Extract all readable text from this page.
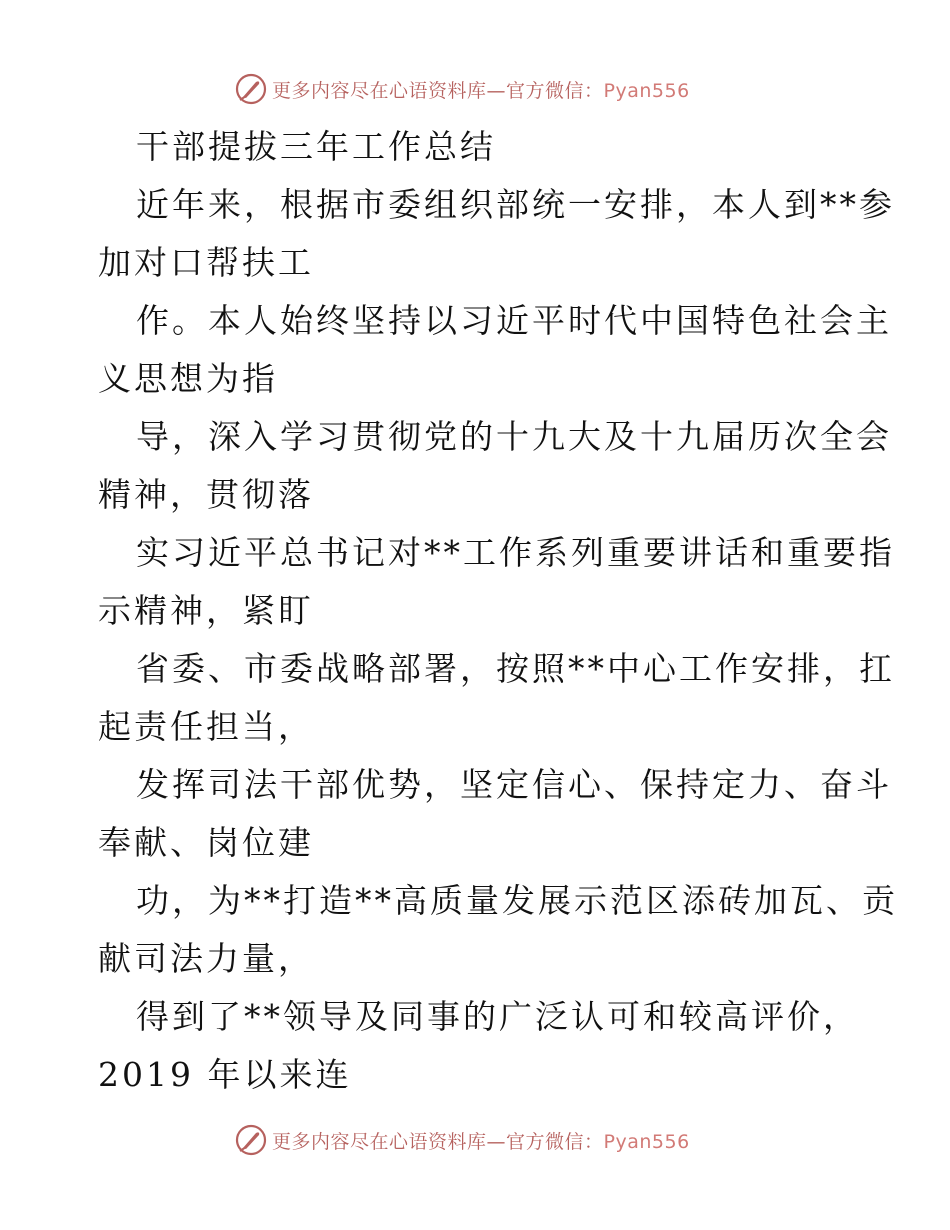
更多内容尽在心语资料库—官方微信：Pyan556
干部提拔三年工作总结
近年来，根据市委组织部统一安排，本人到**参
加对口帮扶工
作。本人始终坚持以习近平时代中国特色社会主
义思想为指
导，深入学习贯彻党的十九大及十九届历次全会
精神，贯彻落
实习近平总书记对**工作系列重要讲话和重要指
示精神，紧盯
省委、市委战略部署，按照**中心工作安排，扛
起责任担当，
发挥司法干部优势，坚定信心、保持定力、奋斗
奉献、岗位建
功，为**打造**高质量发展示范区添砖加瓦、贡
献司法力量，
得到了**领导及同事的广泛认可和较高评价，
2019 年以来连
更多内容尽在心语资料库—官方微信：Pyan556
